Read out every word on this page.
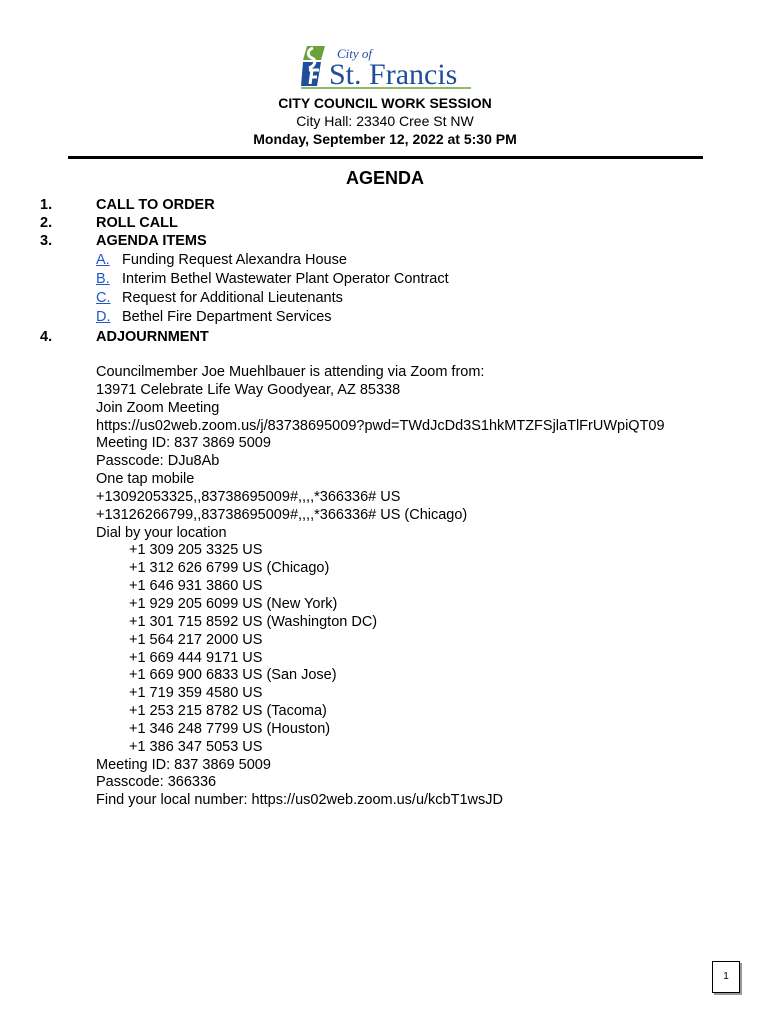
City of
St. Francis
CITY COUNCIL WORK SESSION
City Hall: 23340 Cree St NW
Monday, September 12, 2022 at 5:30 PM
AGENDA
1.	CALL TO ORDER
2.	ROLL CALL
3.	AGENDA ITEMS
A. Funding Request Alexandra House
B. Interim Bethel Wastewater Plant Operator Contract
C. Request for Additional Lieutenants
D. Bethel Fire Department Services
4.	ADJOURNMENT
Councilmember Joe Muehlbauer is attending via Zoom from:
13971 Celebrate Life Way Goodyear, AZ 85338
Join Zoom Meeting
https://us02web.zoom.us/j/83738695009?pwd=TWdJcDd3S1hkMTZFSjlaTlFrUWpiQT09
Meeting ID: 837 3869 5009
Passcode: DJu8Ab
One tap mobile
+13092053325,,83738695009#,,,,*366336# US
+13126266799,,83738695009#,,,,*366336# US (Chicago)
Dial by your location
+1 309 205 3325 US
+1 312 626 6799 US (Chicago)
+1 646 931 3860 US
+1 929 205 6099 US (New York)
+1 301 715 8592 US (Washington DC)
+1 564 217 2000 US
+1 669 444 9171 US
+1 669 900 6833 US (San Jose)
+1 719 359 4580 US
+1 253 215 8782 US (Tacoma)
+1 346 248 7799 US (Houston)
+1 386 347 5053 US
Meeting ID: 837 3869 5009
Passcode: 366336
Find your local number: https://us02web.zoom.us/u/kcbT1wsJD
1
